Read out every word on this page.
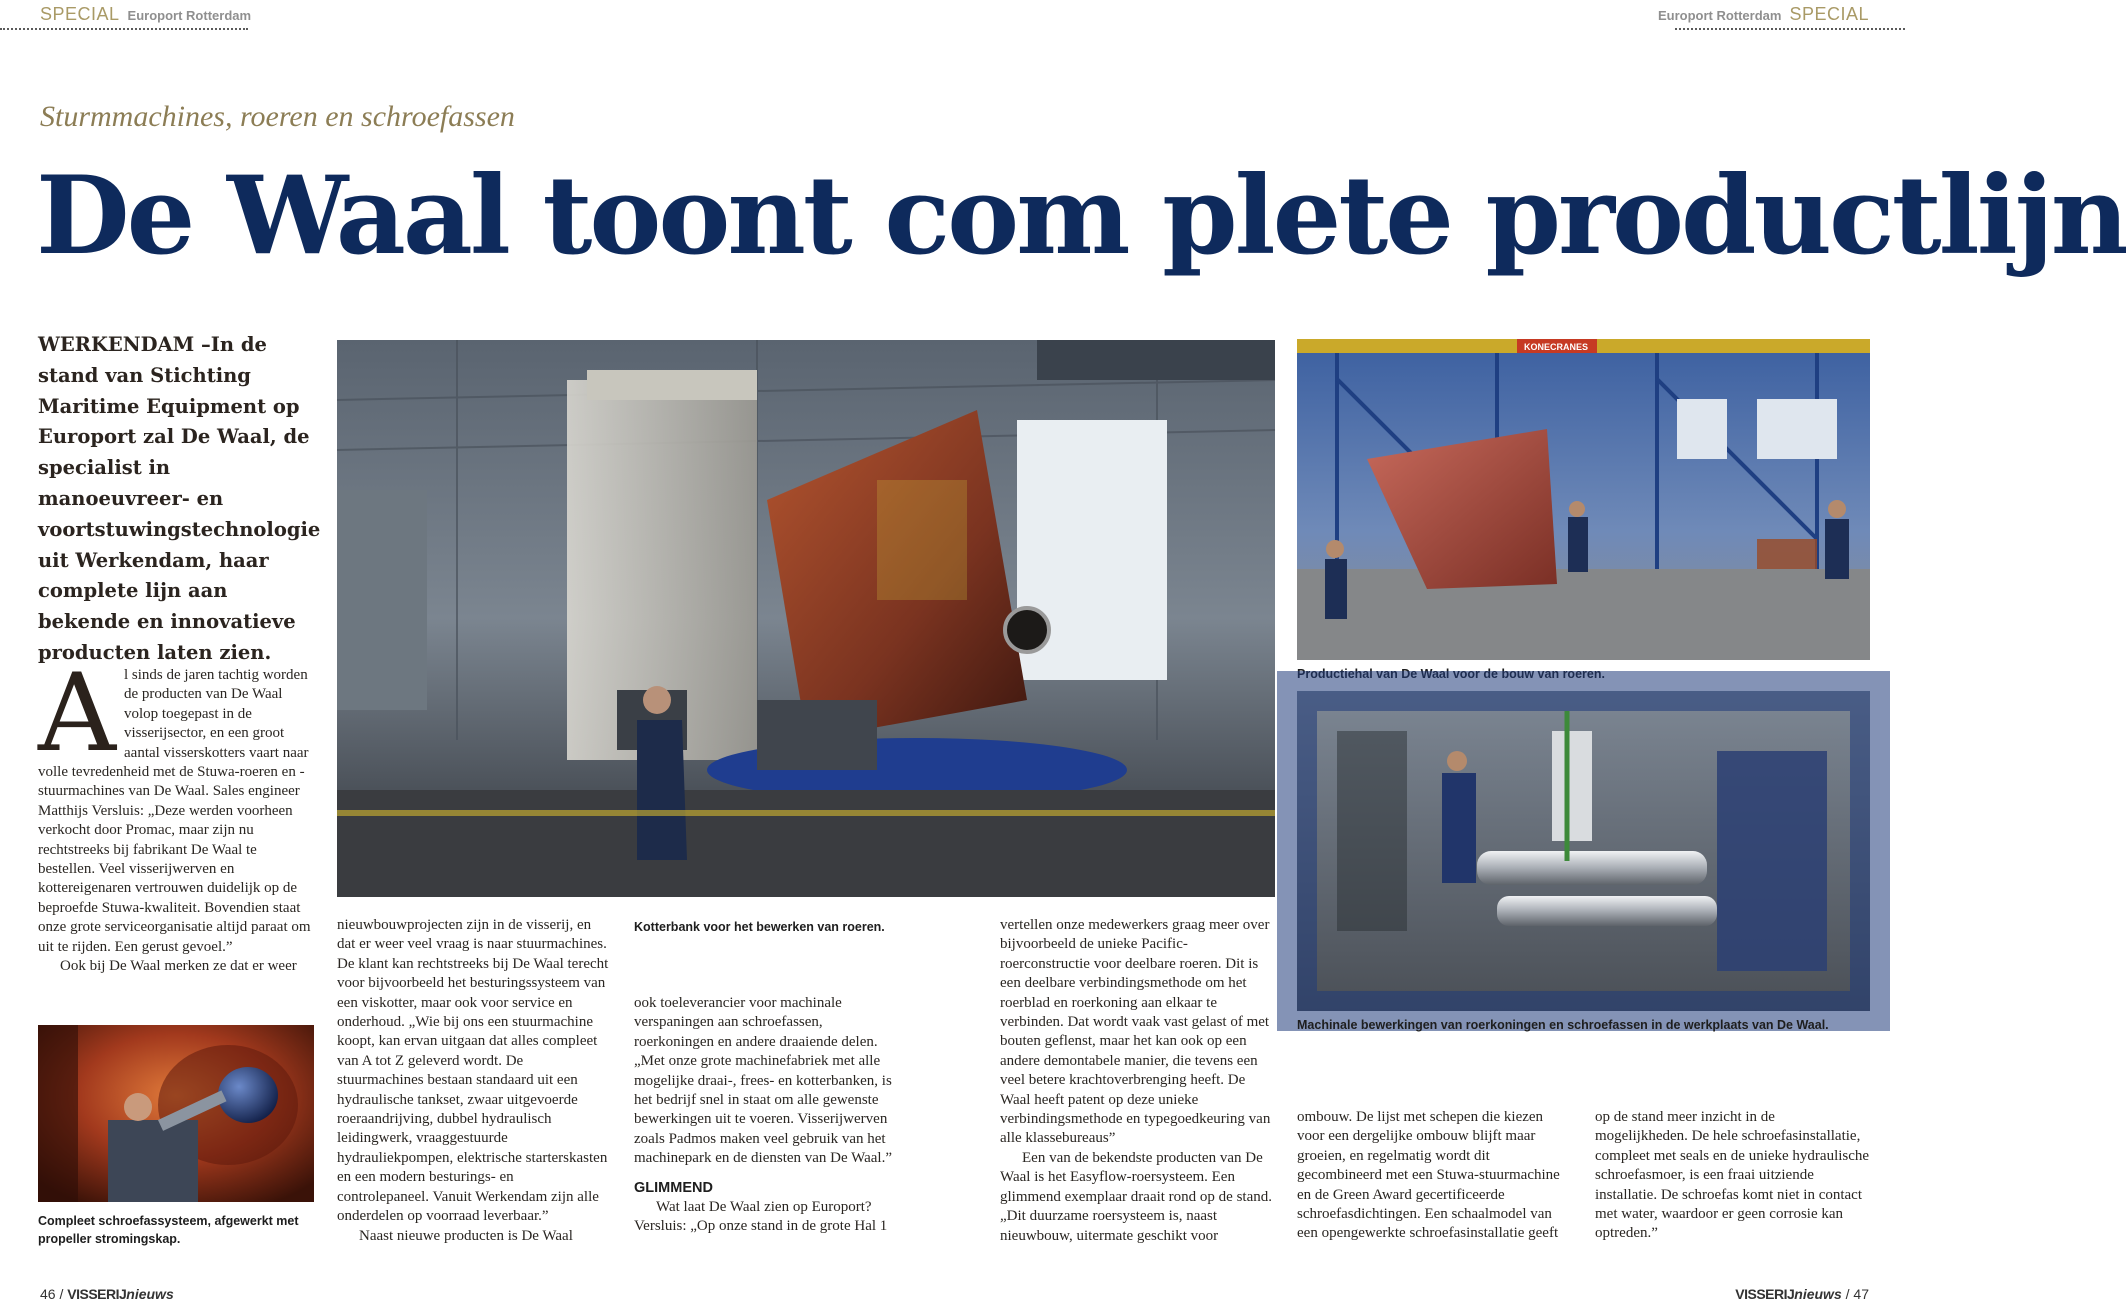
SPECIAL Europort Rotterdam	Europort Rotterdam SPECIAL
Sturmmachines, roeren en schroefassen
De Waal toont com plete productlijn
WERKENDAM –In de stand van Stichting Maritime Equipment op Europort zal De Waal, de specialist in manoeuvreer- en voortstuwingstechnologie uit Werkendam, haar complete lijn aan bekende en innovatieve producten laten zien.
A l sinds de jaren tachtig worden de producten van De Waal volop toegepast in de visserijsector, en een groot aantal visserskotters vaart naar volle tevredenheid met de Stuwa-roeren en -stuurmachines van De Waal. Sales engineer Matthijs Versluis: „Deze werden voorheen verkocht door Promac, maar zijn nu rechtstreeks bij fabrikant De Waal te bestellen. Veel visserijwerven en kottereigenaren vertrouwen duidelijk op de beproefde Stuwa-kwaliteit. Bovendien staat onze grote serviceorganisatie altijd paraat om uit te rijden. Een gerust gevoel.”

Ook bij De Waal merken ze dat er weer

Compleet schroefassysteem, afgewerkt met propeller stromingskap.

nieuwbouwprojecten zijn in de visserij, en dat er weer veel vraag is naar stuurmachines. De klant kan rechtstreeks bij De Waal terecht voor bijvoorbeeld het besturingssysteem van een viskotter, maar ook voor service en onderhoud. „Wie bij ons een stuurmachine koopt, kan ervan uitgaan dat alles compleet van A tot Z geleverd wordt. De stuurmachines bestaan standaard uit een hydraulische tankset, zwaar uitgevoerde roeraandrijving, dubbel hydraulisch leidingwerk, vraaggestuurde hydrauliekpompen, elektrische starterskasten en een modern besturings- en controlepaneel. Vanuit Werkendam zijn alle onderdelen op voorraad leverbaar.”

Naast nieuwe producten is De Waal

Kotterbank voor het bewerken van roeren.

ook toeleverancier voor machinale verspaningen aan schroefassen, roerkoningen en andere draaiende delen. „Met onze grote machinefabriek met alle mogelijke draai-, frees- en kotterbanken, is het bedrijf snel in staat om alle gewenste bewerkingen uit te voeren. Visserijwerven zoals Padmos maken veel gebruik van het machinepark en de diensten van De Waal.”

GLIMMEND

Wat laat De Waal zien op Europort? Versluis: „Op onze stand in de grote Hal 1

vertellen onze medewerkers graag meer over bijvoorbeeld de unieke Pacific-roerconstructie voor deelbare roeren. Dit is een deelbare verbindingsmethode om het roerblad en roerkoning aan elkaar te verbinden. Dat wordt vaak vast gelast of met bouten geflenst, maar het kan ook op een andere demontabele manier, die tevens een veel betere krachtoverbrenging heeft. De Waal heeft patent op deze unieke verbindingsmethode en typegoedkeuring van alle klassebureaus”

Een van de bekendste producten van De Waal is het Easyflow-roersysteem. Een glimmend exemplaar draait rond op de stand. „Dit duurzame roersysteem is, naast nieuwbouw, uitermate geschikt voor

KONECRANES
Productiehal van De Waal voor de bouw van roeren.
Machinale bewerkingen van roerkoningen en schroefassen in de werkplaats van De Waal.

ombouw. De lijst met schepen die kiezen voor een dergelijke ombouw blijft maar groeien, en regelmatig wordt dit gecombineerd met een Stuwa-stuurmachine en de Green Award gecertificeerde schroefasdichtingen. Een schaalmodel van een opengewerkte schroefasinstallatie geeft

op de stand meer inzicht in de mogelijkheden. De hele schroefasinstallatie, compleet met seals en de unieke hydraulische schroefasmoer, is een fraai uitziende installatie. De schroefas komt niet in contact met water, waardoor er geen corrosie kan optreden.”

46 / VISSERIJnieuws	VISSERIJnieuws / 47
